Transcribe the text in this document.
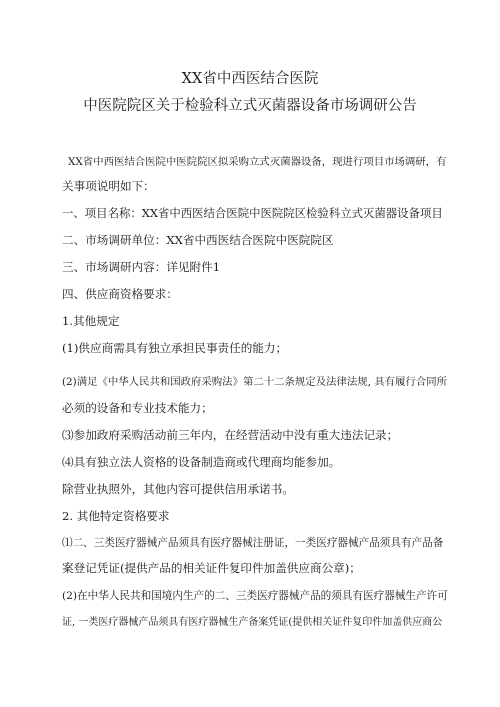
XX省中西医结合医院
中医院院区关于检验科立式灭菌器设备市场调研公告
XX省中西医结合医院中医院院区拟采购立式灭菌器设备，现进行项目市场调研，有
关事项说明如下：
一、项目名称：XX省中西医结合医院中医院院区检验科立式灭菌器设备项目
二、市场调研单位：XX省中西医结合医院中医院院区
三、市场调研内容：详见附件1
四、供应商资格要求：
1.其他规定
(1)供应商需具有独立承担民事责任的能力；
(2)满足《中华人民共和国政府采购法》第二十二条规定及法律法规, 具有履行合同所
必须的设备和专业技术能力；
⑶参加政府采购活动前三年内，在经营活动中没有重大违法记录；
⑷具有独立法人资格的设备制造商或代理商均能参加。
除营业执照外，其他内容可提供信用承诺书。
2. 其他特定资格要求
⑴二、三类医疗器械产品须具有医疗器械注册证，一类医疗器械产品须具有产品备
案登记凭证(提供产品的相关证件复印件加盖供应商公章)；
(2)在中华人民共和国境内生产的二、三类医疗器械产品的须具有医疗器械生产许可
证, 一类医疗器械产品须具有医疗器械生产备案凭证(提供相关证件复印件加盖供应商公
